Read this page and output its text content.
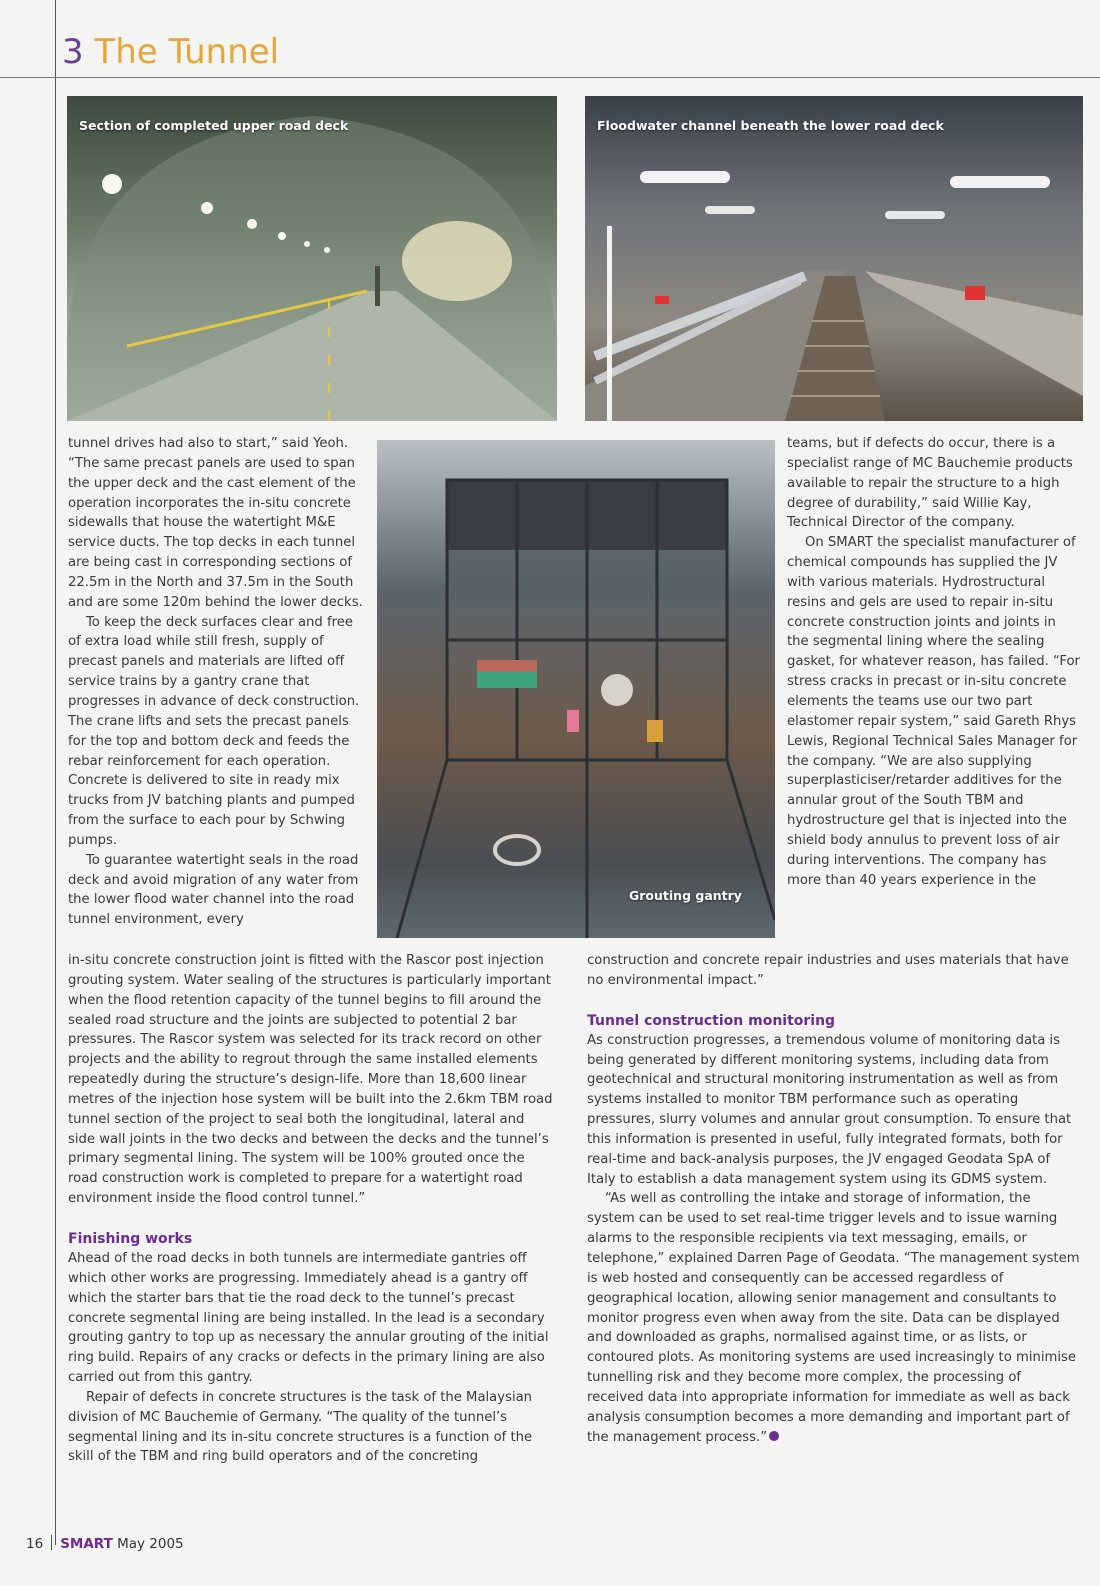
3 The Tunnel
Section of completed upper road deck	Floodwater channel beneath the lower road deck
Grouting gantry

tunnel drives had also to start,” said Yeoh. “The same precast panels are used to span the upper deck and the cast element of the operation incorporates the in-situ concrete sidewalls that house the watertight M&E service ducts. The top decks in each tunnel are being cast in corresponding sections of 22.5m in the North and 37.5m in the South and are some 120m behind the lower decks.

To keep the deck surfaces clear and free of extra load while still fresh, supply of precast panels and materials are lifted off service trains by a gantry crane that progresses in advance of deck construction. The crane lifts and sets the precast panels for the top and bottom deck and feeds the rebar reinforcement for each operation. Concrete is delivered to site in ready mix trucks from JV batching plants and pumped from the surface to each pour by Schwing pumps.

To guarantee watertight seals in the road deck and avoid migration of any water from the lower flood water channel into the road tunnel environment, every

teams, but if defects do occur, there is a specialist range of MC Bauchemie products available to repair the structure to a high degree of durability,” said Willie Kay, Technical Director of the company.

On SMART the specialist manufacturer of chemical compounds has supplied the JV with various materials. Hydrostructural resins and gels are used to repair in-situ concrete construction joints and joints in the segmental lining where the sealing gasket, for whatever reason, has failed. “For stress cracks in precast or in-situ concrete elements the teams use our two part elastomer repair system,” said Gareth Rhys Lewis, Regional Technical Sales Manager for the company. “We are also supplying superplasticiser/retarder additives for the annular grout of the South TBM and hydrostructure gel that is injected into the shield body annulus to prevent loss of air during interventions. The company has more than 40 years experience in the

in-situ concrete construction joint is fitted with the Rascor post injection grouting system. Water sealing of the structures is particularly important when the flood retention capacity of the tunnel begins to fill around the sealed road structure and the joints are subjected to potential 2 bar pressures. The Rascor system was selected for its track record on other projects and the ability to regrout through the same installed elements repeatedly during the structure’s design-life. More than 18,600 linear metres of the injection hose system will be built into the 2.6km TBM road tunnel section of the project to seal both the longitudinal, lateral and side wall joints in the two decks and between the decks and the tunnel’s primary segmental lining. The system will be 100% grouted once the road construction work is completed to prepare for a watertight road environment inside the flood control tunnel.”

Finishing works

Ahead of the road decks in both tunnels are intermediate gantries off which other works are progressing. Immediately ahead is a gantry off which the starter bars that tie the road deck to the tunnel’s precast concrete segmental lining are being installed. In the lead is a secondary grouting gantry to top up as necessary the annular grouting of the initial ring build. Repairs of any cracks or defects in the primary lining are also carried out from this gantry.

Repair of defects in concrete structures is the task of the Malaysian division of MC Bauchemie of Germany. “The quality of the tunnel’s segmental lining and its in-situ concrete structures is a function of the skill of the TBM and ring build operators and of the concreting

construction and concrete repair industries and uses materials that have no environmental impact.”

Tunnel construction monitoring

As construction progresses, a tremendous volume of monitoring data is being generated by different monitoring systems, including data from geotechnical and structural monitoring instrumentation as well as from systems installed to monitor TBM performance such as operating pressures, slurry volumes and annular grout consumption. To ensure that this information is presented in useful, fully integrated formats, both for real-time and back-analysis purposes, the JV engaged Geodata SpA of Italy to establish a data management system using its GDMS system.

“As well as controlling the intake and storage of information, the system can be used to set real-time trigger levels and to issue warning alarms to the responsible recipients via text messaging, emails, or telephone,” explained Darren Page of Geodata. “The management system is web hosted and consequently can be accessed regardless of geographical location, allowing senior management and consultants to monitor progress even when away from the site. Data can be displayed and downloaded as graphs, normalised against time, or as lists, or contoured plots. As monitoring systems are used increasingly to minimise tunnelling risk and they become more complex, the processing of received data into appropriate information for immediate as well as back analysis consumption becomes a more demanding and important part of the management process.”

16 SMART May 2005
